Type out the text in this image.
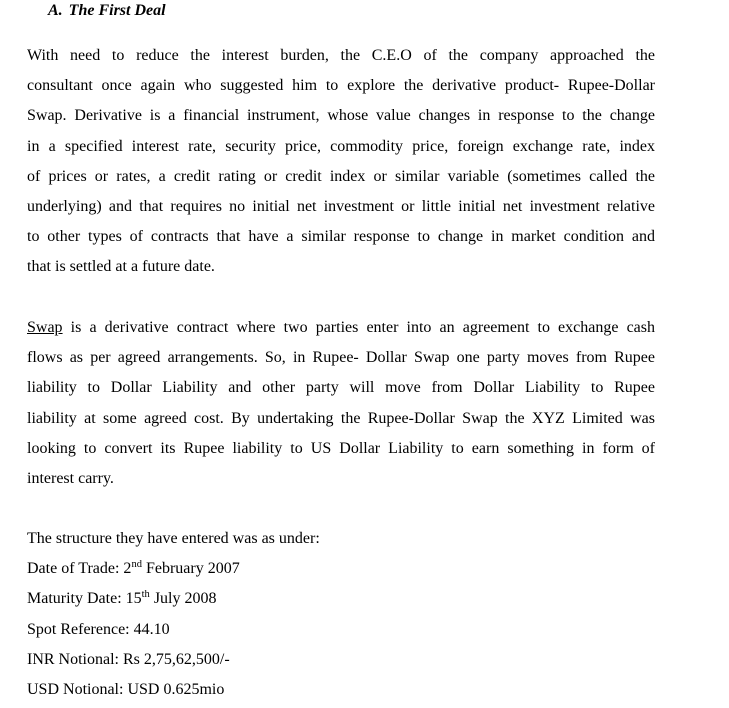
A. The First Deal
With need to reduce the interest burden, the C.E.O of the company approached the
consultant once again who suggested him to explore the derivative product- Rupee-Dollar
Swap. Derivative is a financial instrument, whose value changes in response to the change
in a specified interest rate, security price, commodity price, foreign exchange rate, index
of prices or rates, a credit rating or credit index or similar variable (sometimes called the
underlying) and that requires no initial net investment or little initial net investment relative
to other types of contracts that have a similar response to change in market condition and
that is settled at a future date.
Swap is a derivative contract where two parties enter into an agreement to exchange cash
flows as per agreed arrangements. So, in Rupee- Dollar Swap one party moves from Rupee
liability to Dollar Liability and other party will move from Dollar Liability to Rupee
liability at some agreed cost. By undertaking the Rupee-Dollar Swap the XYZ Limited was
looking to convert its Rupee liability to US Dollar Liability to earn something in form of
interest carry.
The structure they have entered was as under:
Date of Trade: 2nd February 2007
Maturity Date: 15th July 2008
Spot Reference: 44.10
INR Notional: Rs 2,75,62,500/-
USD Notional: USD 0.625mio
